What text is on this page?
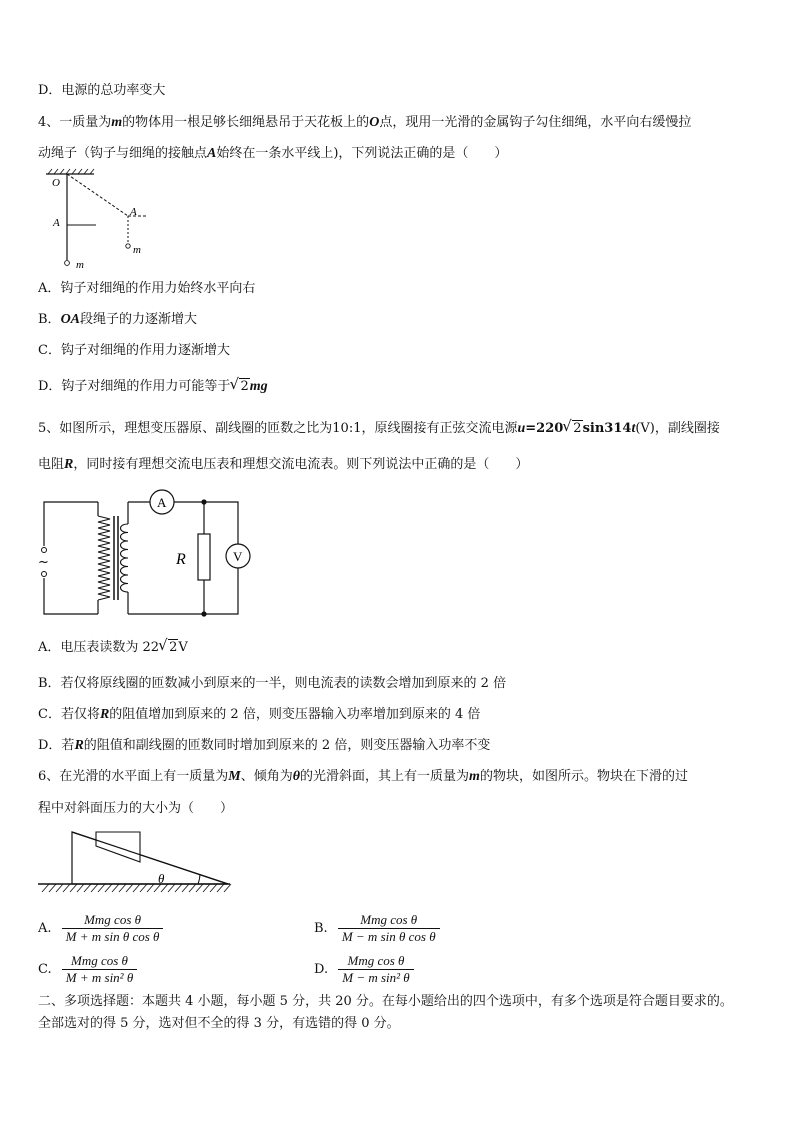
D．电源的总功率变大
4、一质量为m的物体用一根足够长细绳悬吊于天花板上的O点，现用一光滑的金属钩子勾住细绳，水平向右缓慢拉
动绳子（钩子与细绳的接触点A始终在一条水平线上)，下列说法正确的是（　　）
O
A
A
m
m
A．钩子对细绳的作用力始终水平向右
B．OA段绳子的力逐渐增大
C．钩子对细绳的作用力逐渐增大
D．钩子对细绳的作用力可能等于 √ 2mg
5、如图所示，理想变压器原、副线圈的匝数之比为10:1，原线圈接有正弦交流电源u=220 √ 2sin314t(V)，副线圈接
电阻R，同时接有理想交流电压表和理想交流电流表。则下列说法中正确的是（　　）
~
A
R	V
A．电压表读数为 22 √ 2V
B．若仅将原线圈的匝数减小到原来的一半，则电流表的读数会增加到原来的 2 倍
C．若仅将R的阻值增加到原来的 2 倍，则变压器输入功率增加到原来的 4 倍
D．若R的阻值和副线圈的匝数同时增加到原来的 2 倍，则变压器输入功率不变
6、在光滑的水平面上有一质量为M、倾角为θ的光滑斜面，其上有一质量为m的物块，如图所示。物块在下滑的过
程中对斜面压力的大小为（　　）
θ
A. $\frac{\text{Mmg cos θ}}{\text{M + m sin θ cos θ}}$	B. $\frac{\text{Mmg cos θ}}{\text{M − m sin θ cos θ}}$
C. $\frac{\text{Mmg cos θ}}{\text{M + m sin² θ}}$	D. $\frac{\text{Mmg cos θ}}{\text{M − m sin² θ}}$
二、多项选择题：本题共 4 小题，每小题 5 分，共 20 分。在每小题给出的四个选项中，有多个选项是符合题目要求的。
全部选对的得 5 分，选对但不全的得 3 分，有选错的得 0 分。
